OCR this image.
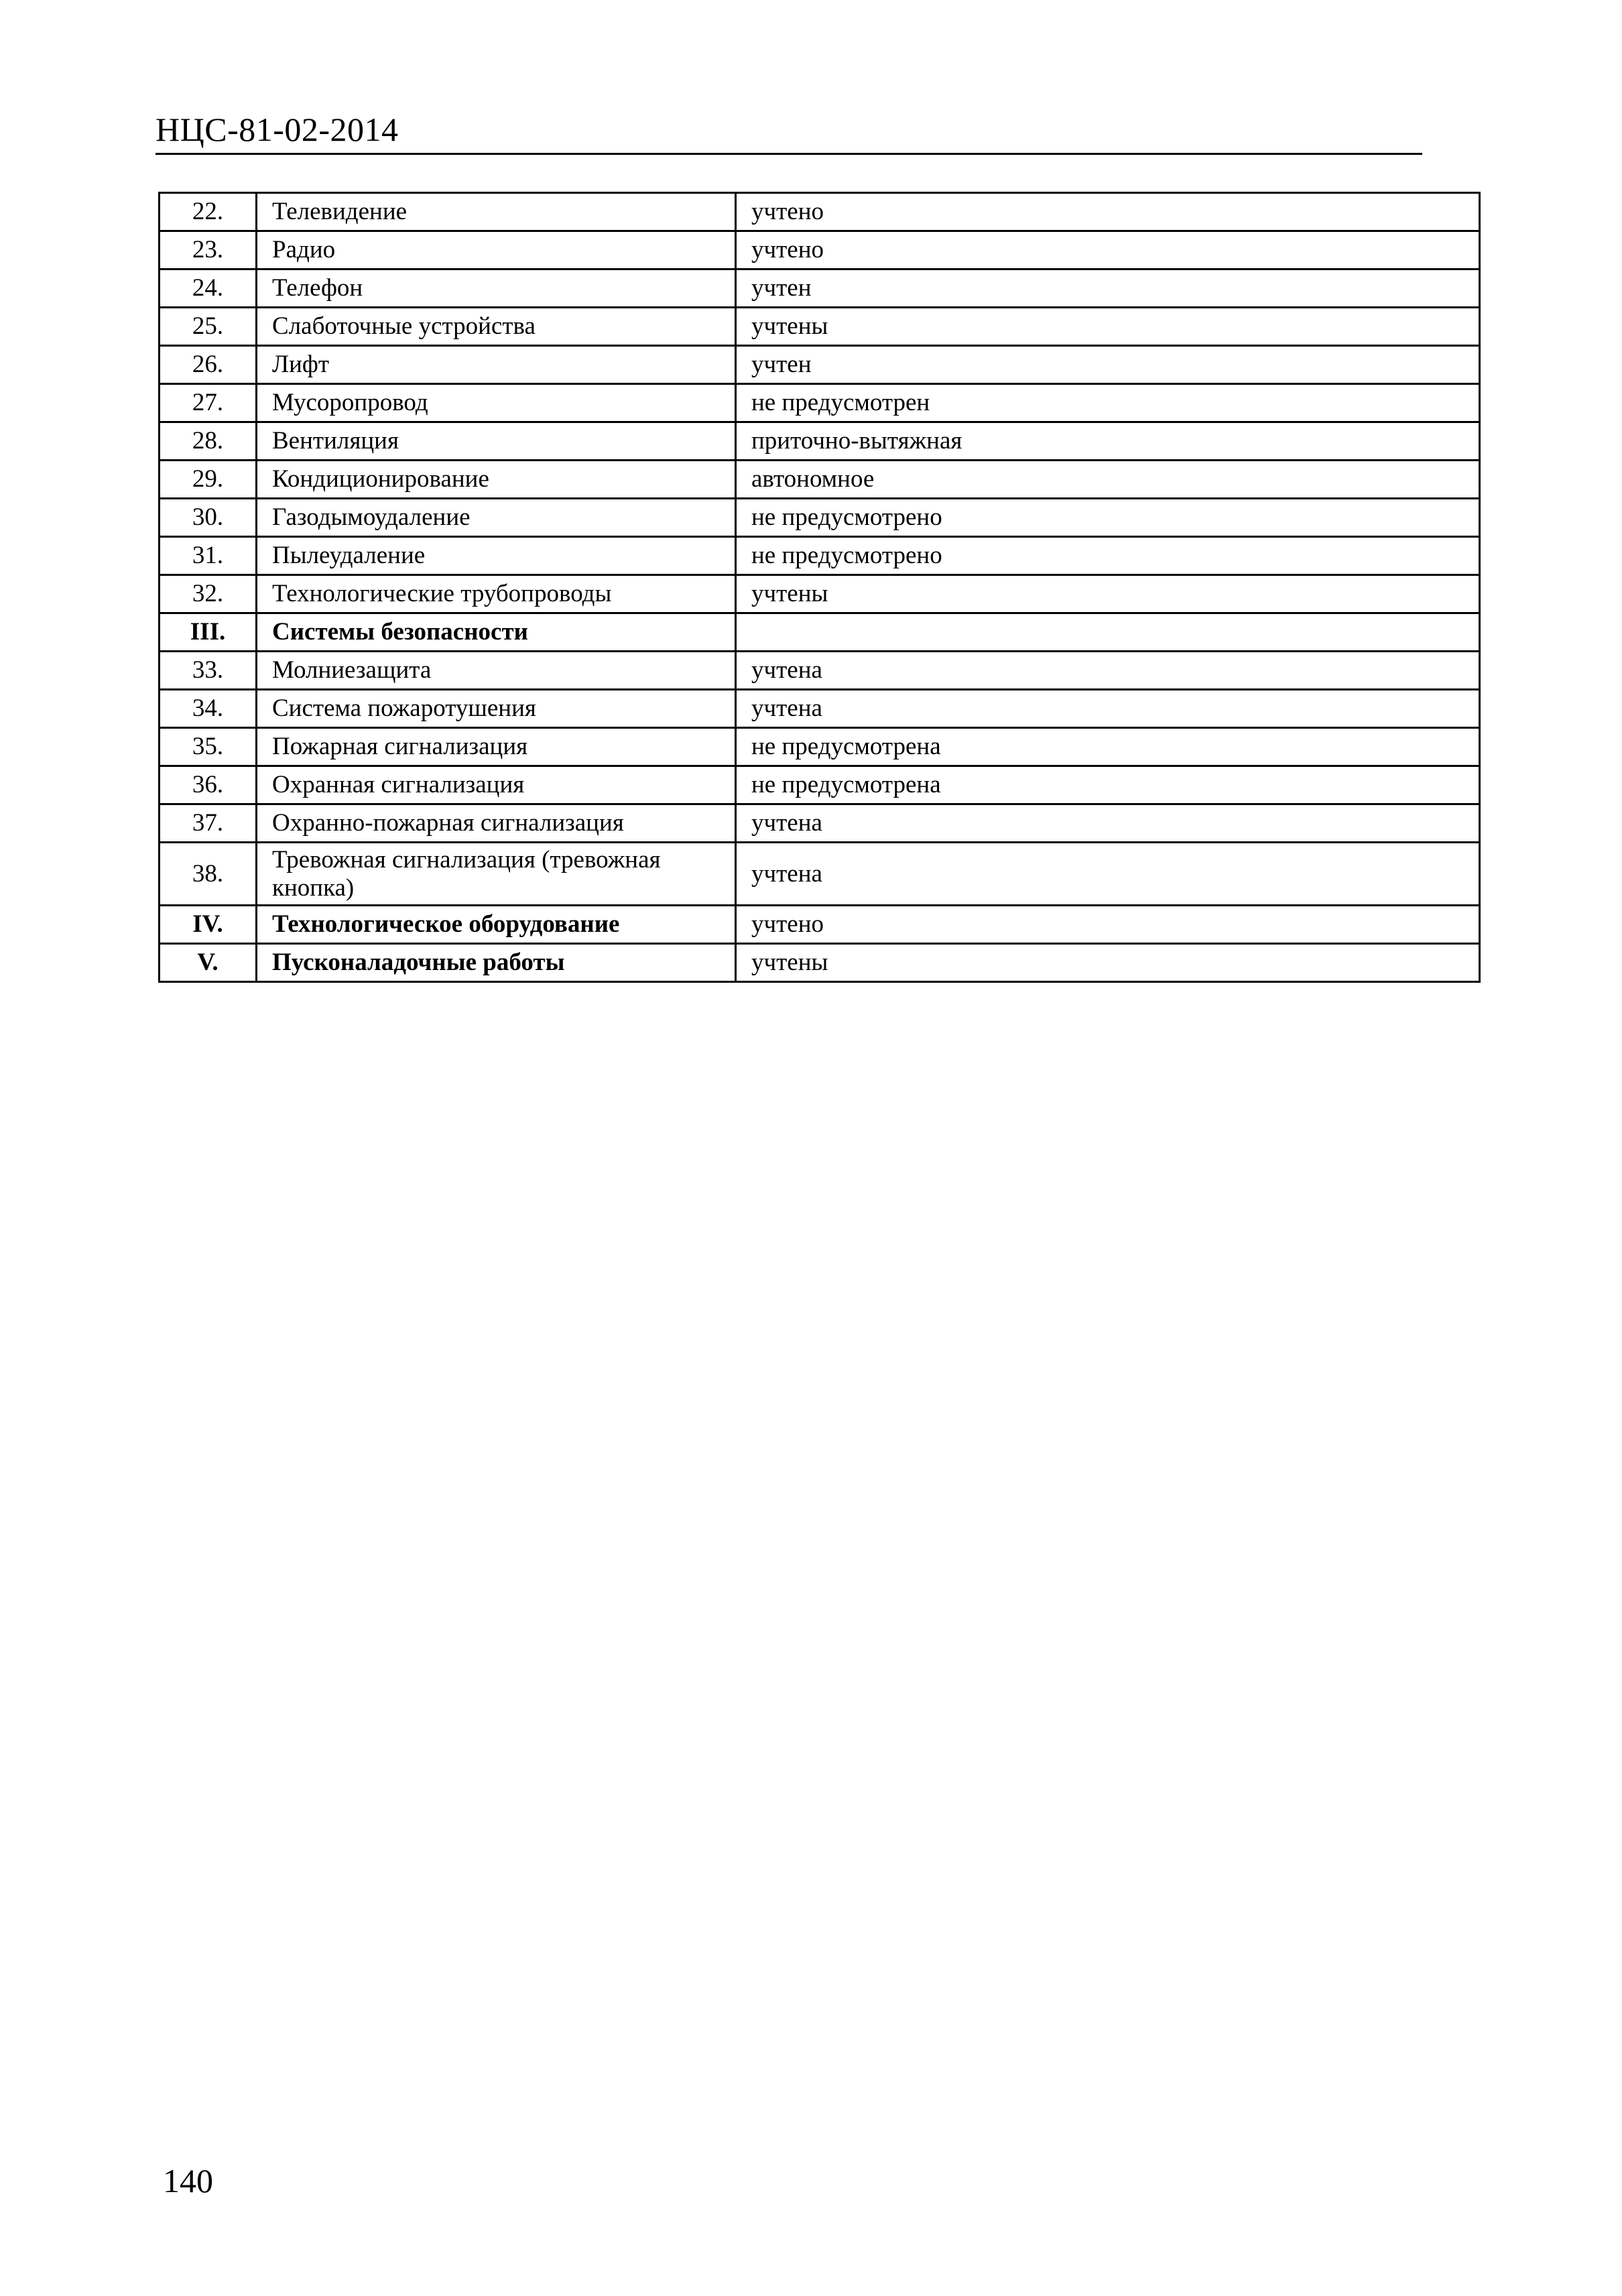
НЦС-81-02-2014
22.	Телевидение	учтено
23.	Радио	учтено
24.	Телефон	учтен
25.	Слаботочные устройства	учтены
26.	Лифт	учтен
27.	Мусоропровод	не предусмотрен
28.	Вентиляция	приточно-вытяжная
29.	Кондиционирование	автономное
30.	Газодымоудаление	не предусмотрено
31.	Пылеудаление	не предусмотрено
32.	Технологические трубопроводы	учтены
III.	Системы безопасности	
33.	Молниезащита	учтена
34.	Система пожаротушения	учтена
35.	Пожарная сигнализация	не предусмотрена
36.	Охранная сигнализация	не предусмотрена
37.	Охранно-пожарная сигнализация	учтена
38.	Тревожная сигнализация (тревожная кнопка)	учтена
IV.	Технологическое оборудование	учтено
V.	Пусконаладочные работы	учтены
140
